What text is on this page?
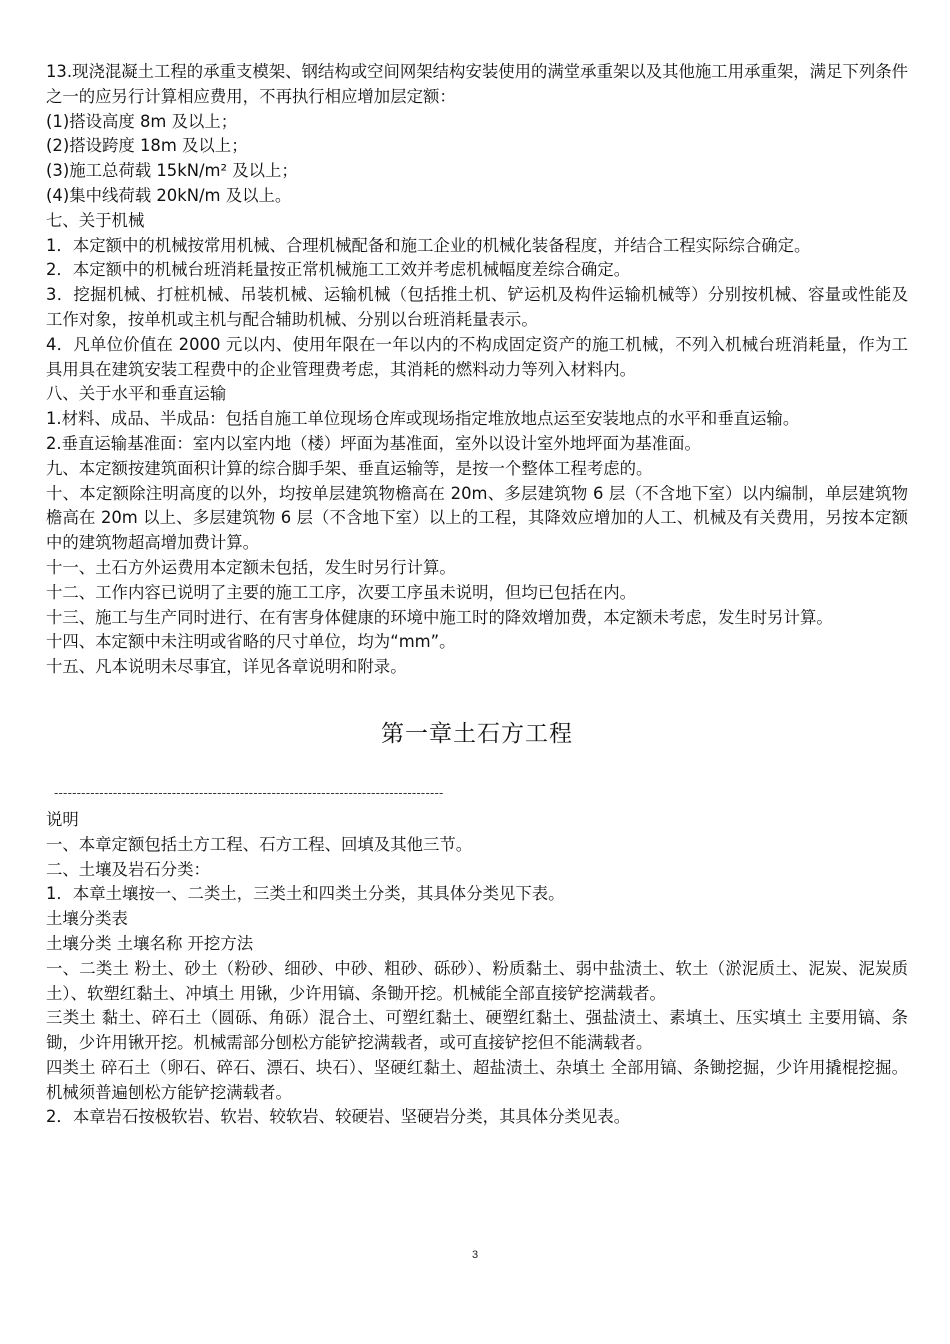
13.现浇混凝土工程的承重支模架、钢结构或空间网架结构安装使用的满堂承重架以及其他施工用承重架，满足下列条件之一的应另行计算相应费用，不再执行相应增加层定额：
(1)搭设高度 8m 及以上；
(2)搭设跨度 18m 及以上；
(3)施工总荷载 15kN/m² 及以上；
(4)集中线荷载 20kN/m 及以上。
七、关于机械
1．本定额中的机械按常用机械、合理机械配备和施工企业的机械化装备程度，并结合工程实际综合确定。
2．本定额中的机械台班消耗量按正常机械施工工效并考虑机械幅度差综合确定。
3．挖掘机械、打桩机械、吊装机械、运输机械（包括推土机、铲运机及构件运输机械等）分别按机械、容量或性能及工作对象，按单机或主机与配合辅助机械、分别以台班消耗量表示。
4．凡单位价值在 2000 元以内、使用年限在一年以内的不构成固定资产的施工机械，不列入机械台班消耗量，作为工具用具在建筑安装工程费中的企业管理费考虑，其消耗的燃料动力等列入材料内。
八、关于水平和垂直运输
1.材料、成品、半成品：包括自施工单位现场仓库或现场指定堆放地点运至安装地点的水平和垂直运输。
2.垂直运输基准面：室内以室内地（楼）坪面为基准面，室外以设计室外地坪面为基准面。
九、本定额按建筑面积计算的综合脚手架、垂直运输等，是按一个整体工程考虑的。
十、本定额除注明高度的以外，均按单层建筑物檐高在 20m、多层建筑物 6 层（不含地下室）以内编制，单层建筑物檐高在 20m 以上、多层建筑物 6 层（不含地下室）以上的工程，其降效应增加的人工、机械及有关费用，另按本定额中的建筑物超高增加费计算。
十一、土石方外运费用本定额未包括，发生时另行计算。
十二、工作内容已说明了主要的施工工序，次要工序虽未说明，但均已包括在内。
十三、施工与生产同时进行、在有害身体健康的环境中施工时的降效增加费，本定额未考虑，发生时另计算。
十四、本定额中未注明或省略的尺寸单位，均为“mm”。
十五、凡本说明未尽事宜，详见各章说明和附录。
第一章土石方工程
--------------------------------------------------------------------------------------
说明
一、本章定额包括土方工程、石方工程、回填及其他三节。
二、土壤及岩石分类：
1．本章土壤按一、二类土，三类土和四类土分类，其具体分类见下表。
土壤分类表
土壤分类 土壤名称 开挖方法
一、二类土 粉土、砂土（粉砂、细砂、中砂、粗砂、砾砂）、粉质黏土、弱中盐渍土、软土（淤泥质土、泥炭、泥炭质土）、软塑红黏土、冲填土 用锹，少许用镐、条锄开挖。机械能全部直接铲挖满载者。
三类土 黏土、碎石土（圆砾、角砾）混合土、可塑红黏土、硬塑红黏土、强盐渍土、素填土、压实填土 主要用镐、条锄，少许用锹开挖。机械需部分刨松方能铲挖满载者，或可直接铲挖但不能满载者。
四类土 碎石土（卵石、碎石、漂石、块石）、坚硬红黏土、超盐渍土、杂填土 全部用镐、条锄挖掘，少许用撬棍挖掘。机械须普遍刨松方能铲挖满载者。
2．本章岩石按极软岩、软岩、较软岩、较硬岩、坚硬岩分类，其具体分类见表。
3
